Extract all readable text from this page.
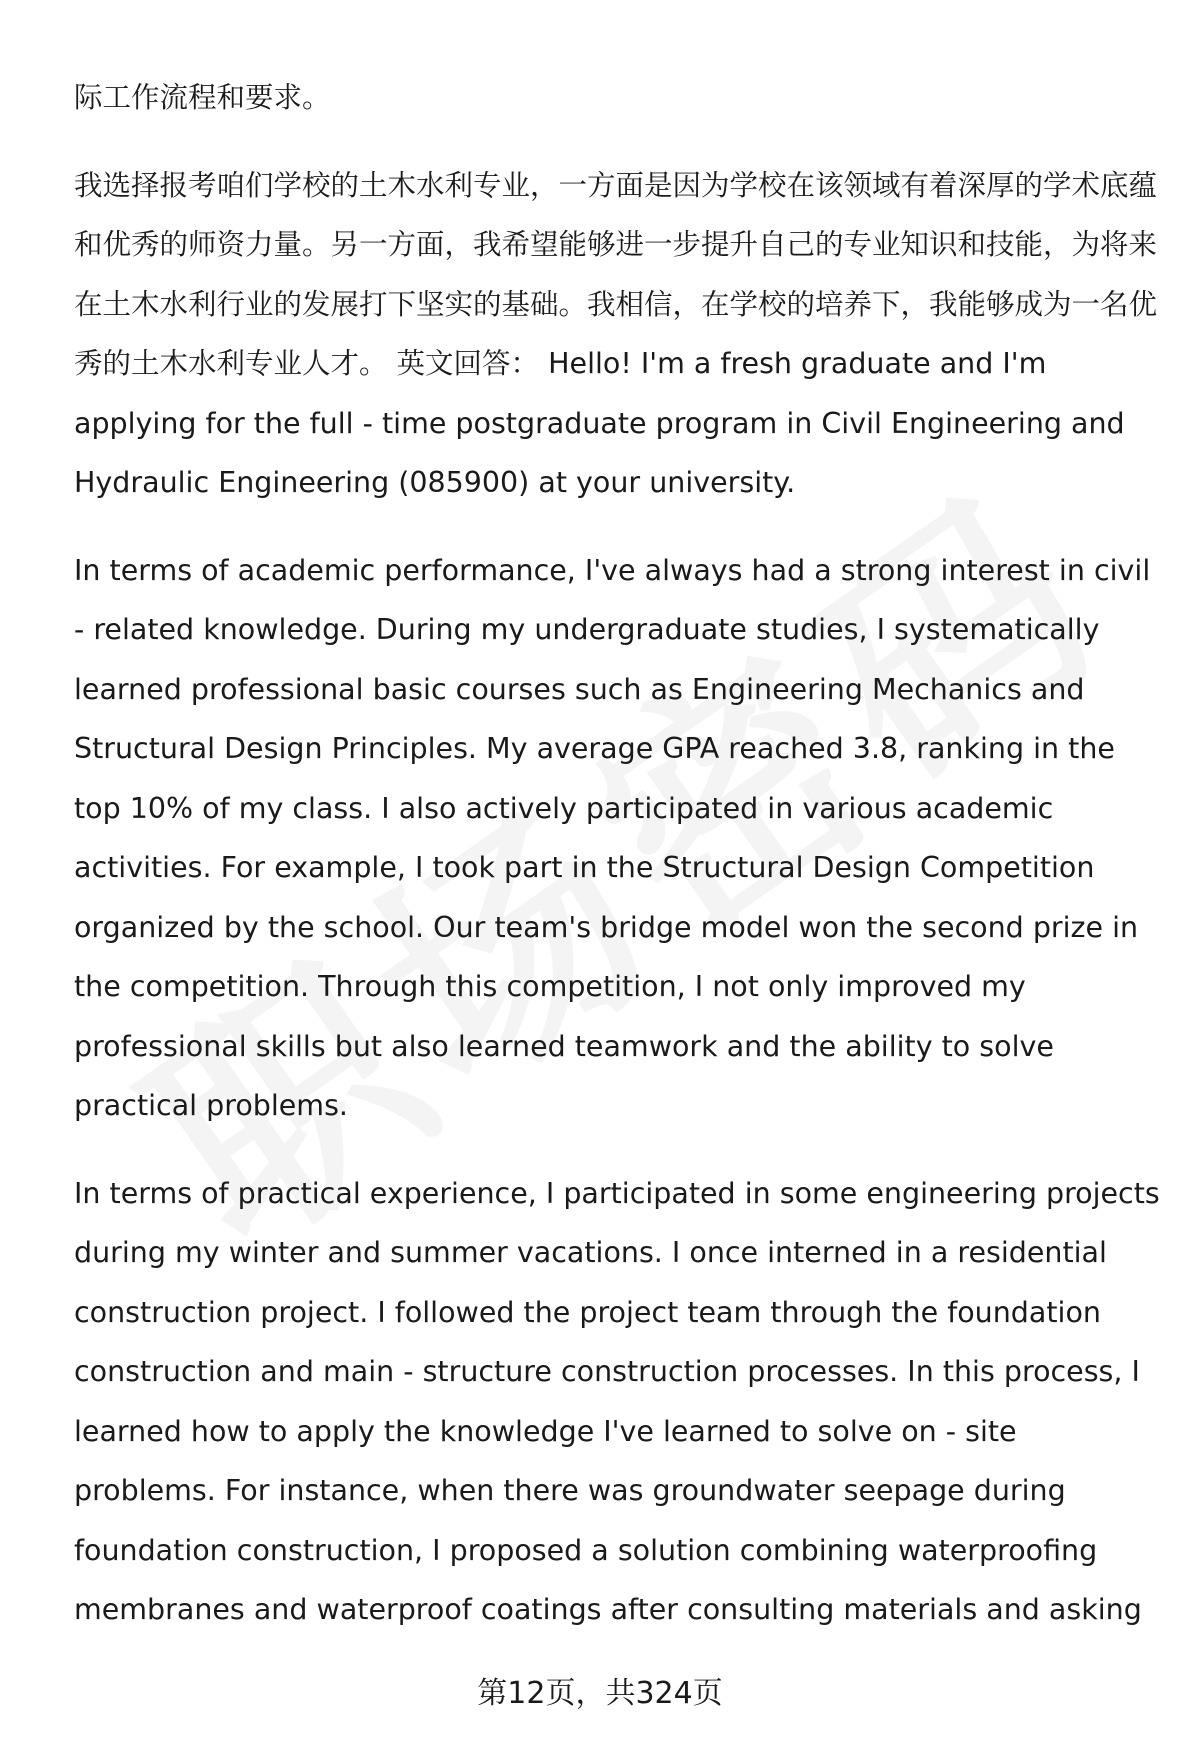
际工作流程和要求。

我选择报考咱们学校的土木水利专业，一方面是因为学校在该领域有着深厚的学术底蕴和优秀的师资力量。另一方面，我希望能够进一步提升自己的专业知识和技能，为将来在土木水利行业的发展打下坚实的基础。我相信，在学校的培养下，我能够成为一名优秀的土木水利专业人才。 英文回答： Hello! I'm a fresh graduate and I'm applying for the full - time postgraduate program in Civil Engineering and Hydraulic Engineering (085900) at your university.

In terms of academic performance, I've always had a strong interest in civil - related knowledge. During my undergraduate studies, I systematically learned professional basic courses such as Engineering Mechanics and Structural Design Principles. My average GPA reached 3.8, ranking in the top 10% of my class. I also actively participated in various academic activities. For example, I took part in the Structural Design Competition organized by the school. Our team's bridge model won the second prize in the competition. Through this competition, I not only improved my professional skills but also learned teamwork and the ability to solve practical problems.

In terms of practical experience, I participated in some engineering projects during my winter and summer vacations. I once interned in a residential construction project. I followed the project team through the foundation construction and main - structure construction processes. In this process, I learned how to apply the knowledge I've learned to solve on - site problems. For instance, when there was groundwater seepage during foundation construction, I proposed a solution combining waterproofing membranes and waterproof coatings after consulting materials and asking

第12页，共324页
